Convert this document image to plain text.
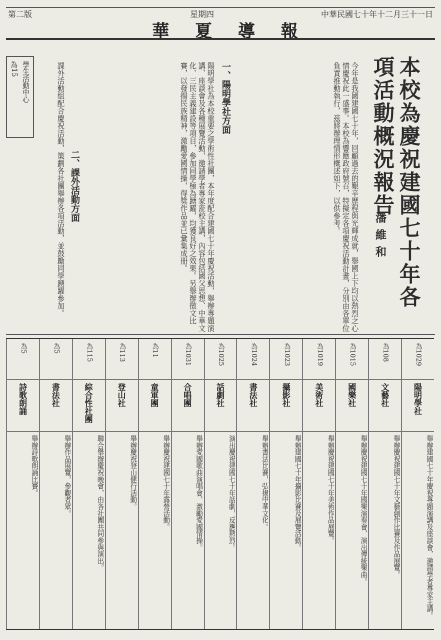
中華民國七十年十二月三十一日
星期四
第二版
華 夏 導 報
本校為慶祝建國七十年各項活動概況報告
潘維和
今年是我國建國七十年，回顧過去的艱辛歷程與光輝成就，舉國上下均以熱烈之心情慶祝此一盛事。本校為響應政府號召，特擬定各項慶祝活動計畫，分別由各單位負責推動執行，茲將辦理情形概述如下，以供參考。
一、陽明學社方面
陽明學社為本校重要之學術性社團，本年度配合建國七十年慶祝活動，舉辦專題演講、座談會及各種展覽活動，邀請學者專家蒞校主講，內容包括國父思想、中華文化、三民主義建設等項目，參加同學極為踴躍，均獲良好之效果。另舉辦徵文比賽，以發揚民族精神，激勵愛國情操，得獎作品並已彙集成冊。
二、課外活動方面
課外活動組配合慶祝活動，策劃各社團舉辦各項活動，並鼓勵同學踴躍參加。
為15 學生活動中心
為1029
陽明學社
舉辦建國七十年慶祝專題演講及座談會，邀請學者專家主講。
為108
文藝社
舉辦慶祝建國七十年文藝創作比賽及作品展覽。
為1015
國樂社
舉辦慶祝建國七十年國樂演奏會，演出傳統樂曲。
為1019
美術社
舉辦慶祝建國七十年美術作品展覽。
為1023
攝影社
舉辦建國七十年攝影比賽及展覽活動。
為1024
書法社
舉辦書法比賽，弘揚中華文化。
為1025
話劇社
演出慶祝建國七十年話劇，反應熱烈。
為1031
合唱團
舉辦愛國歌曲演唱會，激勵愛國情操。
為11
童軍團
舉辦慶祝建國七十年露營活動。
為113
登山社
舉辦慶祝登山健行活動。
為115
綜合性社團
聯合舉辦慶祝晚會，由各社團共同參與演出。
為5
書法社
舉辦作品展覽，參觀者眾。
為5
詩歌朗誦
舉辦詩歌朗誦比賽。
